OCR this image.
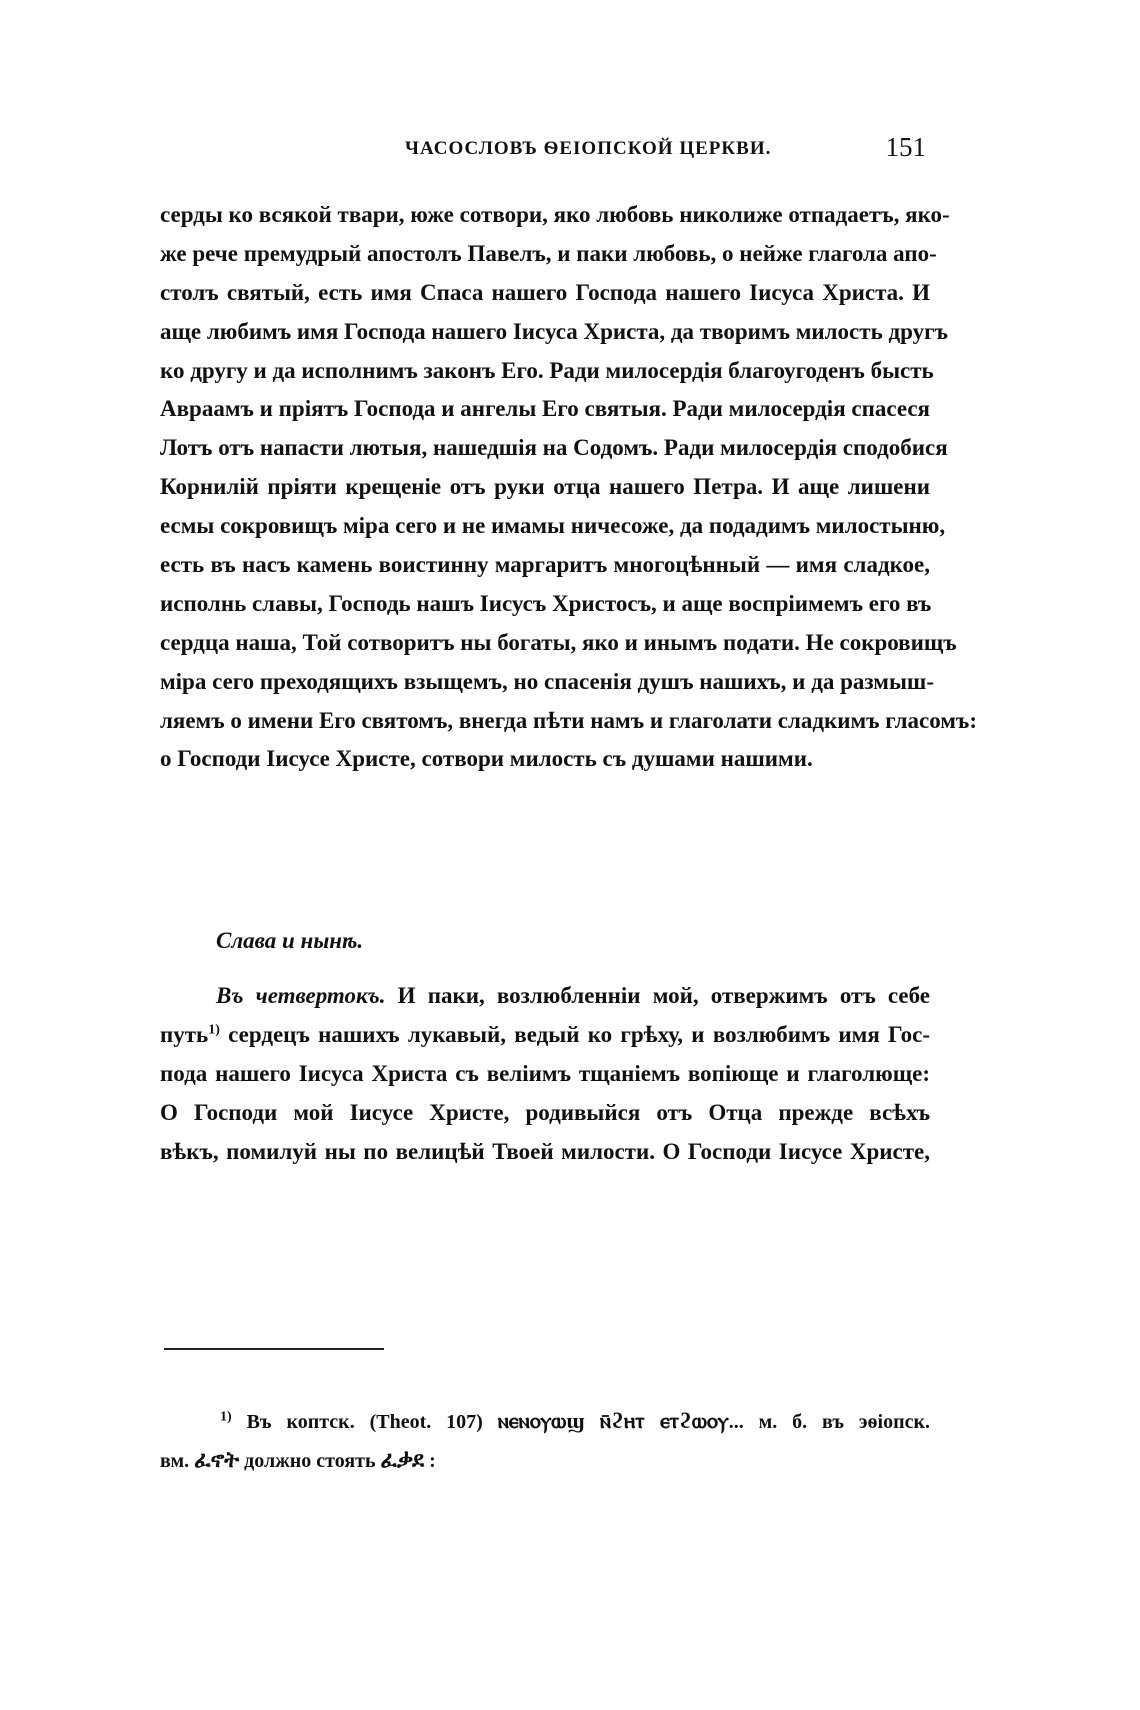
ЧАСОСЛОВЪ ѲЕІОПСКОЙ ЦЕРКВИ.	151
серды ко всякой твари, юже сотвори, яко любовь николиже отпадаетъ, яко-
же рече премудрый апостолъ Павелъ, и паки любовь, о нейже глагола апо-
столъ святый, есть имя Спаса нашего Господа нашего Іисуса Христа. И
аще любимъ имя Господа нашего Іисуса Христа, да творимъ милость другъ
ко другу и да исполнимъ законъ Его. Ради милосердія благоугоденъ бысть
Авраамъ и пріятъ Господа и ангелы Его святыя. Ради милосердія спасеся
Лотъ отъ напасти лютыя, нашедшія на Содомъ. Ради милосердія сподобися
Корнилій пріяти крещеніе отъ руки отца нашего Петра. И аще лишени
есмы сокровищъ міра сего и не имамы ничесоже, да подадимъ милостыню,
есть въ насъ камень воистинну маргаритъ многоцѣнный — имя сладкое,
исполнь славы, Господь нашъ Іисусъ Христосъ, и аще воспріимемъ его въ
сердца наша, Той сотворитъ ны богаты, яко и инымъ подати. Не сокровищъ
міра сего преходящихъ взыщемъ, но спасенія душъ нашихъ, и да размыш-
ляемъ о имени Его святомъ, внегда пѣти намъ и глаголати сладкимъ гласомъ:
о Господи Іисусе Христе, сотвори милость съ душами нашими.
Слава и нынѣ.
Въ четвертокъ. И паки, возлюбленніи мой, отвержимъ отъ себе
путь$^{1)}$ сердецъ нашихъ лукавый, ведый ко грѣху, и возлюбимъ имя Гос-
пода нашего Іисуса Христа съ веліимъ тщаніемъ вопіюще и глаголюще:
О Господи мой Іисусе Христе, родивыйся отъ Отца прежде всѣхъ
вѣкъ, помилуй ны по велицѣй Твоей милости. О Господи Іисусе Христе,
$^{1)}$ Въ коптск. (Theot. 107) ⲛⲉⲛⲟⲩⲱϣ ⲛ̄ϩⲏⲧ ⲉⲧϩⲱⲟⲩ... м. б. въ эѳіопск.
вм. ፈኖት должно стоять ፈቃደ :
